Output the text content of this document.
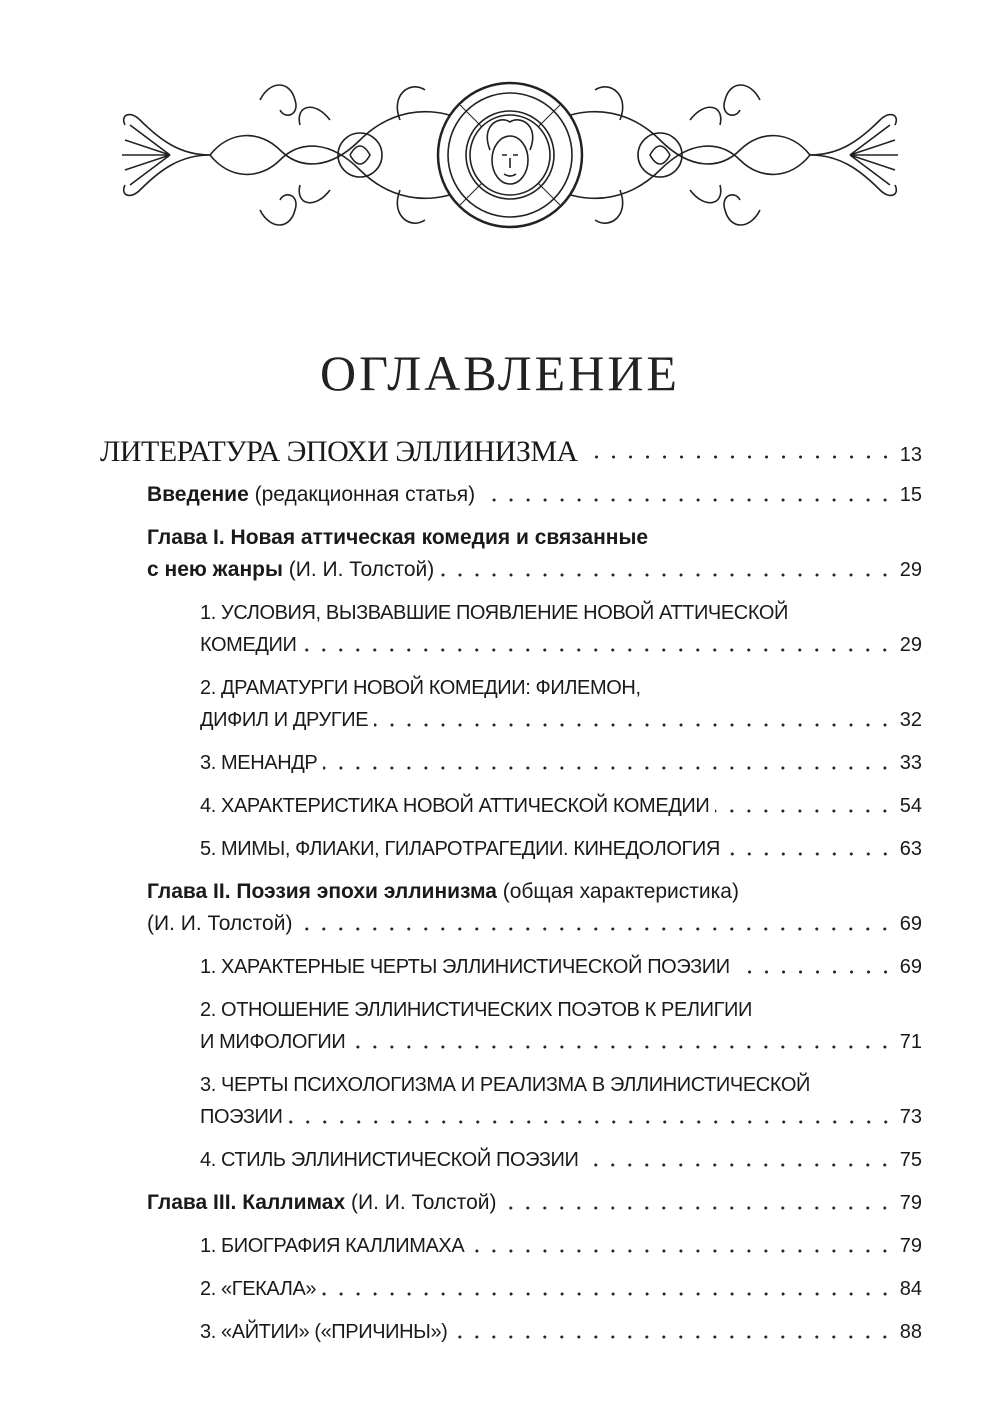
ОГЛАВЛЕНИЕ
ЛИТЕРАТУРА ЭПОХИ ЭЛЛИНИЗМА	13
Введение (редакционная статья)	15
Глава I. Новая аттическая комедия и связанные
с нею жанры (И. И. Толстой)	29
1. УСЛОВИЯ, ВЫЗВАВШИЕ ПОЯВЛЕНИЕ НОВОЙ АТТИЧЕСКОЙ
КОМЕДИИ	29
2. ДРАМАТУРГИ НОВОЙ КОМЕДИИ: ФИЛЕМОН,
ДИФИЛ И ДРУГИЕ	32
3. МЕНАНДР	33
4. ХАРАКТЕРИСТИКА НОВОЙ АТТИЧЕСКОЙ КОМЕДИИ	54
5. МИМЫ, ФЛИАКИ, ГИЛАРОТРАГЕДИИ. КИНЕДОЛОГИЯ	63
Глава II. Поэзия эпохи эллинизма (общая характеристика)
(И. И. Толстой)	69
1. ХАРАКТЕРНЫЕ ЧЕРТЫ ЭЛЛИНИСТИЧЕСКОЙ ПОЭЗИИ	69
2. ОТНОШЕНИЕ ЭЛЛИНИСТИЧЕСКИХ ПОЭТОВ К РЕЛИГИИ
И МИФОЛОГИИ	71
3. ЧЕРТЫ ПСИХОЛОГИЗМА И РЕАЛИЗМА В ЭЛЛИНИСТИЧЕСКОЙ
ПОЭЗИИ	73
4. СТИЛЬ ЭЛЛИНИСТИЧЕСКОЙ ПОЭЗИИ	75
Глава III. Каллимах (И. И. Толстой)	79
1. БИОГРАФИЯ КАЛЛИМАХА	79
2. «ГЕКАЛА»	84
3. «АЙТИИ» («ПРИЧИНЫ»)	88
